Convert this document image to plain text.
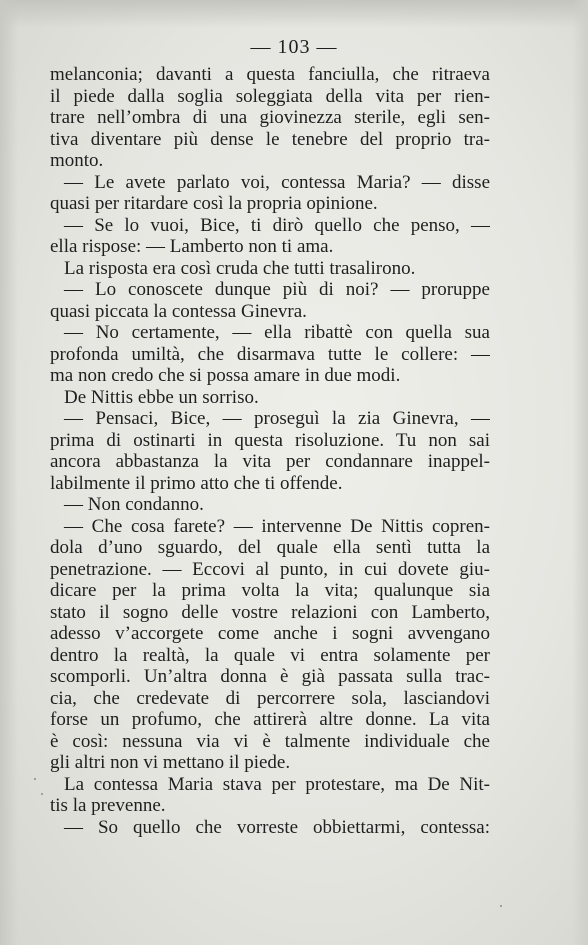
— 103 —
melanconia; davanti a questa fanciulla, che ritraeva
il piede dalla soglia soleggiata della vita per rien-
trare nell’ombra di una giovinezza sterile, egli sen-
tiva diventare più dense le tenebre del proprio tra-
monto.
— Le avete parlato voi, contessa Maria? — disse
quasi per ritardare così la propria opinione.
— Se lo vuoi, Bice, ti dirò quello che penso, —
ella rispose: — Lamberto non ti ama.
La risposta era così cruda che tutti trasalirono.
— Lo conoscete dunque più di noi? — proruppe
quasi piccata la contessa Ginevra.
— No certamente, — ella ribattè con quella sua
profonda umiltà, che disarmava tutte le collere: —
ma non credo che si possa amare in due modi.
De Nittis ebbe un sorriso.
— Pensaci, Bice, — proseguì la zia Ginevra, —
prima di ostinarti in questa risoluzione. Tu non sai
ancora abbastanza la vita per condannare inappel-
labilmente il primo atto che ti offende.
— Non condanno.
— Che cosa farete? — intervenne De Nittis copren-
dola d’uno sguardo, del quale ella sentì tutta la
penetrazione. — Eccovi al punto, in cui dovete giu-
dicare per la prima volta la vita; qualunque sia
stato il sogno delle vostre relazioni con Lamberto,
adesso v’accorgete come anche i sogni avvengano
dentro la realtà, la quale vi entra solamente per
scomporli. Un’altra donna è già passata sulla trac-
cia, che credevate di percorrere sola, lasciandovi
forse un profumo, che attirerà altre donne. La vita
è così: nessuna via vi è talmente individuale che
gli altri non vi mettano il piede.
La contessa Maria stava per protestare, ma De Nit-
tis la prevenne.
— So quello che vorreste obbiettarmi, contessa:
